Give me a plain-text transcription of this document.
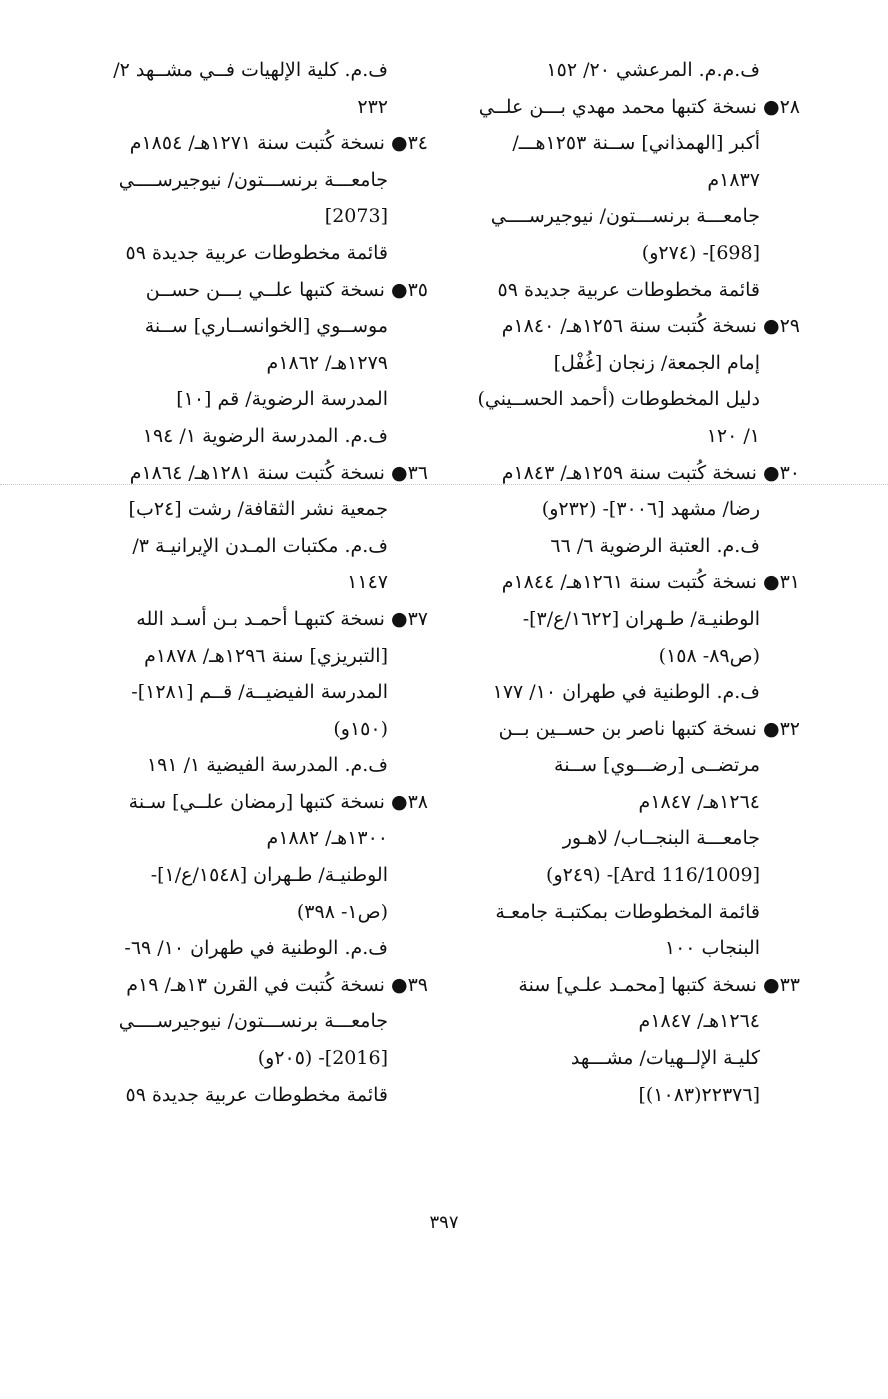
ف.م.م. المرعشي ٢٠/ ١٥٢
٢٨● نسخة كتبها محمد مهدي بـــن علــي
أكبر [الهمذاني] ســنة ١٢٥٣هـــ/
١٨٣٧م
جامعـــة برنســـتون/ نيوجيرســــي
[698]- (٢٧٤و)
قائمة مخطوطات عربية جديدة ٥٩
٢٩● نسخة كُتبت سنة ١٢٥٦هـ/ ١٨٤٠م
إمام الجمعة/ زنجان [غُفْل]
دليل المخطوطات (أحمد الحســيني)
١/ ١٢٠
٣٠● نسخة كُتبت سنة ١٢٥٩هـ/ ١٨٤٣م
رضا/ مشهد [٣٠٠٦]- (٢٣٢و)
ف.م. العتبة الرضوية ٦/ ٦٦
٣١● نسخة كُتبت سنة ١٢٦١هـ/ ١٨٤٤م
الوطنيـة/ طـهران [١٦٢٢/ع/٣]-
(ص٨٩- ١٥٨)
ف.م. الوطنية في طهران ١٠/ ١٧٧
٣٢● نسخة كتبها ناصر بن حســين بــن
مرتضــى [رضـــوي] ســنة
١٢٦٤هـ/ ١٨٤٧م
جامعـــة البنجــاب/ لاهـور
[Ard 116/1009]- (٢٤٩و)
قائمة المخطوطات بمكتبـة جامعـة
البنجاب ١٠٠
٣٣● نسخة كتبها [محمـد علـي] سنة
١٢٦٤هـ/ ١٨٤٧م
كليـة الإلــهيات/ مشـــهد
[٢٢٣٧٦(١٠٨٣)]
ف.م. كلية الإلهيات فــي مشــهد ٢/
٢٣٢
٣٤● نسخة كُتبت سنة ١٢٧١هـ/ ١٨٥٤م
جامعـــة برنســـتون/ نيوجيرســــي
[2073]
قائمة مخطوطات عربية جديدة ٥٩
٣٥● نسخة كتبها علــي بـــن حســن
موســوي [الخوانســاري] ســنة
١٢٧٩هـ/ ١٨٦٢م
المدرسة الرضوية/ قم [١٠]
ف.م. المدرسة الرضوية ١/ ١٩٤
٣٦● نسخة كُتبت سنة ١٢٨١هـ/ ١٨٦٤م
جمعية نشر الثقافة/ رشت [٢٤ب]
ف.م. مكتبات المـدن الإيرانيـة ٣/
١١٤٧
٣٧● نسخة كتبهـا أحمـد بـن أسـد الله
[التبريزي] سنة ١٢٩٦هـ/ ١٨٧٨م
المدرسة الفيضيــة/ قــم [١٢٨١]-
(١٥٠و)
ف.م. المدرسة الفيضية ١/ ١٩١
٣٨● نسخة كتبها [رمضان علــي] سـنة
١٣٠٠هـ/ ١٨٨٢م
الوطنيـة/ طـهران [١٥٤٨/ع/١]-
(ص١- ٣٩٨)
ف.م. الوطنية في طهران ١٠/ ٦٩-
٣٩● نسخة كُتبت في القرن ١٣هـ/ ١٩م
جامعـــة برنســـتون/ نيوجيرســــي
[2016]- (٢٠٥و)
قائمة مخطوطات عربية جديدة ٥٩
٣٩٧
